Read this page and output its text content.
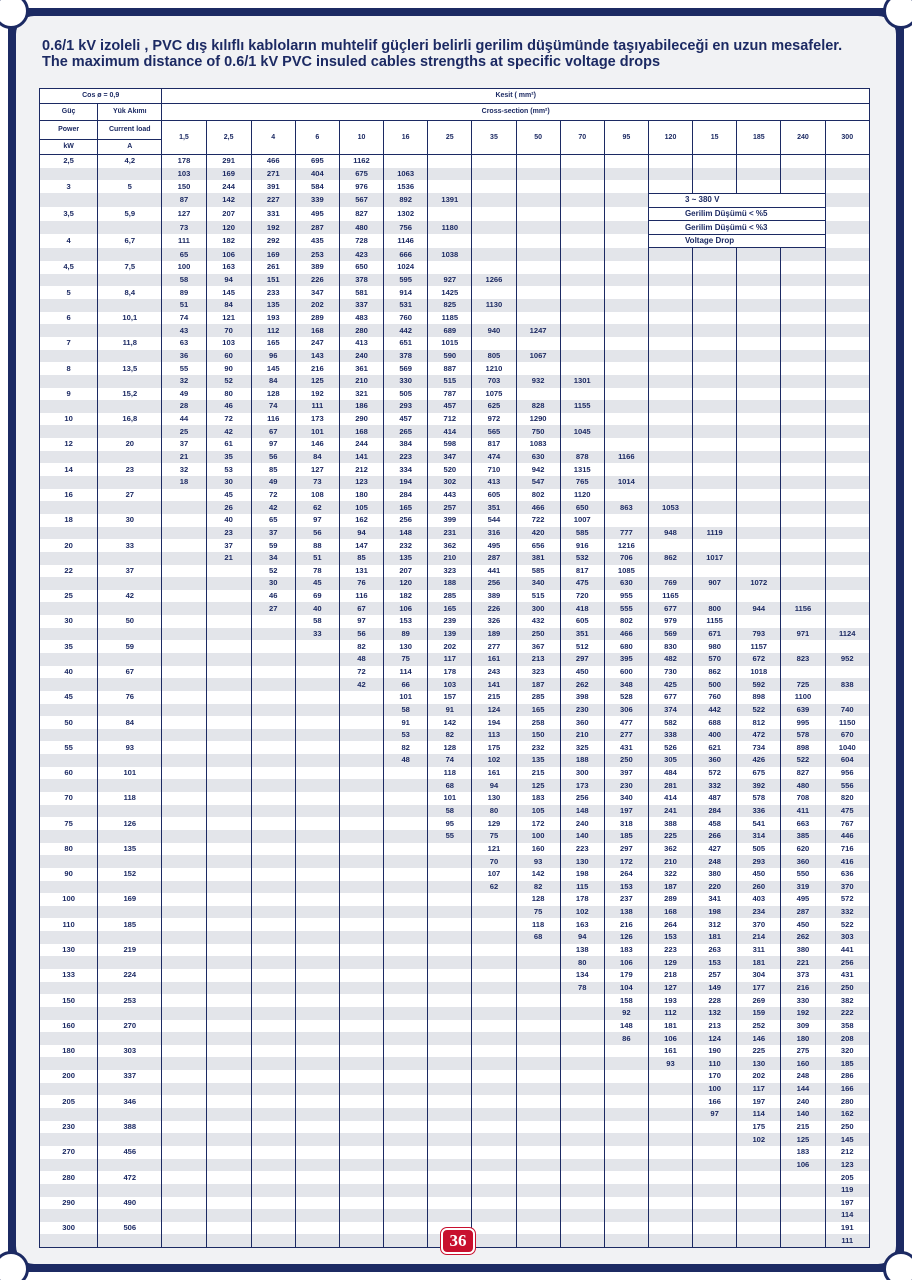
0.6/1 kV izoleli , PVC dış kılıflı kabloların muhtelif güçleri belirli gerilim düşümünde taşıyabileceği en uzun mesafeler.
The maximum distance of 0.6/1 kV PVC insuled cables strengths at specific voltage drops
Cos ø = 0,9		Kesit ( mm²)															
Güç	Yük Akımı	Cross-section (mm²)															
Power	Current load	1,5	2,5	4	6	10	16	25	35	50	70	95	120	15	185	240	300
kW	A																
2,5	4,2	178	291	466	695	1162											
		103	169	271	404	675	1063										
3	5	150	244	391	584	976	1536										
		87	142	227	339	567	892	1391					3 ~ 380 V				
3,5	5,9	127	207	331	495	827	1302						Gerilim Düşümü < %5				
		73	120	192	287	480	756	1180					Gerilim Düşümü < %3				
4	6,7	111	182	292	435	728	1146						Voltage Drop				
		65	106	169	253	423	666	1038									
4,5	7,5	100	163	261	389	650	1024										
		58	94	151	226	378	595	927	1266								
5	8,4	89	145	233	347	581	914	1425									
		51	84	135	202	337	531	825	1130								
6	10,1	74	121	193	289	483	760	1185									
		43	70	112	168	280	442	689	940	1247							
7	11,8	63	103	165	247	413	651	1015									
		36	60	96	143	240	378	590	805	1067							
8	13,5	55	90	145	216	361	569	887	1210								
		32	52	84	125	210	330	515	703	932	1301						
9	15,2	49	80	128	192	321	505	787	1075								
		28	46	74	111	186	293	457	625	828	1155						
10	16,8	44	72	116	173	290	457	712	972	1290							
		25	42	67	101	168	265	414	565	750	1045						
12	20	37	61	97	146	244	384	598	817	1083							
		21	35	56	84	141	223	347	474	630	878	1166					
14	23	32	53	85	127	212	334	520	710	942	1315						
		18	30	49	73	123	194	302	413	547	765	1014					
16	27		45	72	108	180	284	443	605	802	1120						
			26	42	62	105	165	257	351	466	650	863	1053				
18	30		40	65	97	162	256	399	544	722	1007						
			23	37	56	94	148	231	316	420	585	777	948	1119			
20	33		37	59	88	147	232	362	495	656	916	1216					
			21	34	51	85	135	210	287	381	532	706	862	1017			
22	37			52	78	131	207	323	441	585	817	1085					
				30	45	76	120	188	256	340	475	630	769	907	1072		
25	42			46	69	116	182	285	389	515	720	955	1165				
				27	40	67	106	165	226	300	418	555	677	800	944	1156	
30	50				58	97	153	239	326	432	605	802	979	1155			
					33	56	89	139	189	250	351	466	569	671	793	971	1124
35	59					82	130	202	277	367	512	680	830	980	1157		
						48	75	117	161	213	297	395	482	570	672	823	952
40	67					72	114	178	243	323	450	600	730	862	1018		
						42	66	103	141	187	262	348	425	500	592	725	838
45	76						101	157	215	285	398	528	677	760	898	1100	
							58	91	124	165	230	306	374	442	522	639	740
50	84						91	142	194	258	360	477	582	688	812	995	1150
							53	82	113	150	210	277	338	400	472	578	670
55	93						82	128	175	232	325	431	526	621	734	898	1040
							48	74	102	135	188	250	305	360	426	522	604
60	101							118	161	215	300	397	484	572	675	827	956
								68	94	125	173	230	281	332	392	480	556
70	118							101	130	183	256	340	414	487	578	708	820
								58	80	105	148	197	241	284	336	411	475
75	126							95	129	172	240	318	388	458	541	663	767
								55	75	100	140	185	225	266	314	385	446
80	135								121	160	223	297	362	427	505	620	716
									70	93	130	172	210	248	293	360	416
90	152								107	142	198	264	322	380	450	550	636
									62	82	115	153	187	220	260	319	370
100	169									128	178	237	289	341	403	495	572
										75	102	138	168	198	234	287	332
110	185									118	163	216	264	312	370	450	522
										68	94	126	153	181	214	262	303
130	219										138	183	223	263	311	380	441
											80	106	129	153	181	221	256
133	224										134	179	218	257	304	373	431
											78	104	127	149	177	216	250
150	253											158	193	228	269	330	382
												92	112	132	159	192	222
160	270											148	181	213	252	309	358
												86	106	124	146	180	208
180	303												161	190	225	275	320
													93	110	130	160	185
200	337													170	202	248	286
														100	117	144	166
205	346													166	197	240	280
														97	114	140	162
230	388														175	215	250
															102	125	145
270	456															183	212
																106	123
280	472																205
																	119
290	490																197
																	114
300	506																191
																	111
36
